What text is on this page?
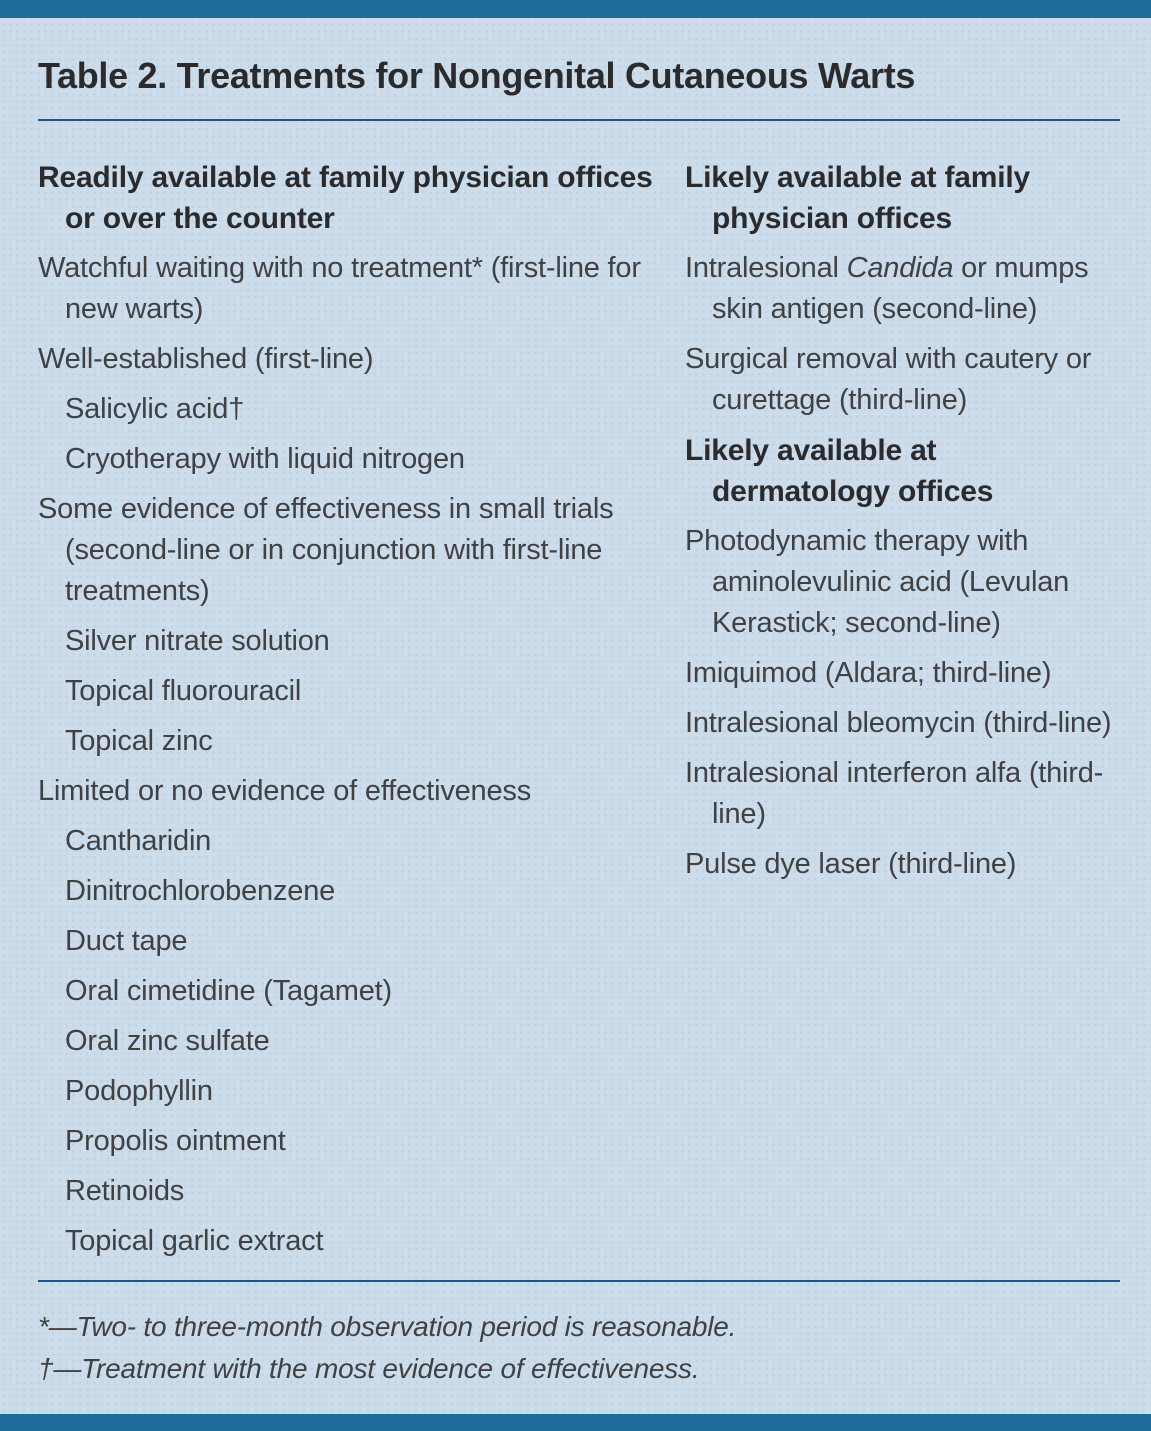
Table 2. Treatments for Nongenital Cutaneous Warts
Readily available at family physician offices or over the counter
Watchful waiting with no treatment* (first-line for new warts)
Well-established (first-line)
Salicylic acid†
Cryotherapy with liquid nitrogen
Some evidence of effectiveness in small trials (second-line or in conjunction with first-line treatments)
Silver nitrate solution
Topical fluorouracil
Topical zinc
Limited or no evidence of effectiveness
Cantharidin
Dinitrochlorobenzene
Duct tape
Oral cimetidine (Tagamet)
Oral zinc sulfate
Podophyllin
Propolis ointment
Retinoids
Topical garlic extract
Likely available at family physician offices
Intralesional Candida or mumps skin antigen (second-line)
Surgical removal with cautery or curettage (third-line)
Likely available at dermatology offices
Photodynamic therapy with aminolevulinic acid (Levulan Kerastick; second-line)
Imiquimod (Aldara; third-line)
Intralesional bleomycin (third-line)
Intralesional interferon alfa (third-line)
Pulse dye laser (third-line)
*—Two- to three-month observation period is reasonable.
†—Treatment with the most evidence of effectiveness.
